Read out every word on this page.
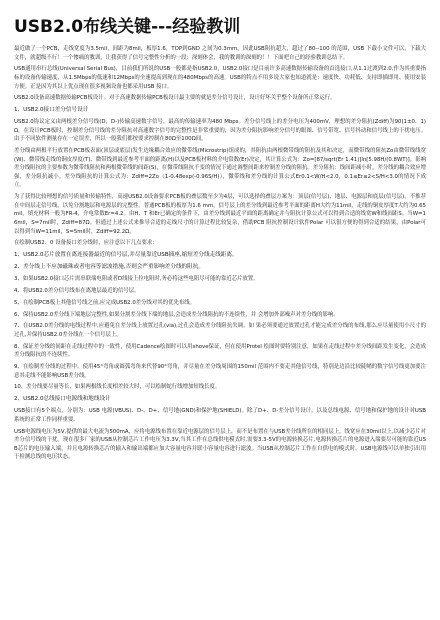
USB2.0布线关键---经验教训

最近做了一个PCB，走线宽度为3.5mil，间距为8mil，板厚1.6，TOP到GND 之间为0.3mm，因此USB阻抗超大，超过了80--100 的范围，USB 下载小文件可以，下载大文件，就超级不行！一个惨痛的教训，让我获得了信号完整性分析的一段：深刻体会，我的教训的深刻的！！下面吧自己的经验教训总结下。

USB通用串行总线(Universal Serial Bus)，目前我们所说的USB一般都是指USB2.0，USB2.0接口是目前许多高速数据传输设备的首选接口,从1.1过渡到2.0,作为其重要指标的设备传输速度，从1.5Mbps的低速和12Mbps的全速提高到现在的480Mbps的高速。USB的特点不用多说大家也知道就是：速度快、功耗低、支持即插即用、使用安装方便。正是因为其以上优点现在很多视频设备也都采用USB 接口。

USB2.0设备高速数据传输PCB板设计。对于高速数据传输PCB板设计最主要的就是差分信号设计，设计好坏关乎整个设备所正常运行。

1、USB2.0接口差分信号设计

USB2.0协议定义由两根差分信号线(D，D-)传输高速数字信号，最高的传输速率为480 Mbps。差分信号线上的差分电压为400mV，理想的差分阻抗(Zdiff)为90(1±0．1)Ω。在设计PCB板时，控制差分信号线的差分阻抗对高速数字信号的完整性是非常重要的，因为差分阻抗影响差分信号的眼图、信号带宽、信号抖动和信号线上的干扰电压。由于不同软件测量存在一定误差，所以一般我们都按要求控制在80Ω至100Ω间。

差分线由两根平行放置在PCB板表面(顶层或底层)发生边缘耦合效应的微带线(Microstrip)组成的，其阻抗由两根微带线的阻抗及其和决定，而微带线的阻抗Zo由微带线线宽(W)、微带线走线的铜皮厚度(T)、微带线到最近参考平面的距离(H)以及PCB板材料的介电常数(Er)决定，其计算公式为：Zo=[87/sqrt(Er 1.41)]ln[5.98H/(0.8WT)]。影响差分线阻抗的主要参数为微带线阻抗和两根微带线的间距(S)，在微带线阻抗不变的情况下通过调整间距来控制差分线的阻抗。差分阻抗：线间距减小时，差分线的耦合效应增强，差分阻抗减小。差分线阻抗的计算公式为：Zdiff=2Zo（1-0.48exp(-0.96S/H)），微带线和差分线的计算公式Er0.1<W/H<2.0，0.1≤Er≤2<S/H<3.0的情况下成立。

为了获得比较理想的信号质量和传输特性，高速USB2.0设备要求PCB板的叠层数至少为4层，可以选择的叠层方案为：顶层(信号层)、地层、电源层和底层(信号层)。不推荐在中间层走信号线，以免分割地层和电源层的完整性。普通PCB板的板厚为1.6 mm，信号层上的差分线到最近参考平面的距离H大约为11mil，走线的铜皮厚度T大约为0.65mil，填充材料一般为FR-4，介电常数Er=4.2。由H、T 和Er已确定的条件下，由差分线到最近平面的距离确定并与阻抗计算公式可以得到合适的线宽W和线间距S。当W=16mil，S=7mil时，Zdiff=87Ω。但通过上述公式来推导合适的走线尺寸的计算过程比较复杂，借助PCB 阻抗控制设计软件Polar 可以很方便的得到合适的结果，由Polar可以得到当W=11mil，S=5mil时，Zdiff=92.2Ω。

在绘制USB2．0 设备接口差分线时，应注意以下几点要求：

1、USB2.0芯片放置在离连接器最近的信号层,并尽量靠近USB插座,缩短差分线走线距离。

2、差分线上不应加磁珠或者电容等滤波措施,否则会严重影响差分线的阻抗。

3、如果USB2.0接口芯片需串联端电阻或者D线接上拉电阻时,务必将这些电阻尽可能的靠近芯片放置。

4、将USB2.0差分信号线布在离地层最近的信号层。

5、在绘制PCB板上其他信号线之前,应完成USB2.0差分线对其的优先布线。

6、保持USB2.0差分线下端地层完整性,如果分割差分线下端的地层,会造成差分线阻抗的不连续性，并 会增加外部噪声对差分线的影响。

7、在USB2.0差分线的电线过程中,应避免在差分线上放置过孔(via),过孔会造成差分线阻抗失调。如 果必须要通过放置过孔才能完成差分线的布线,那么应尽量使用小尺寸的过孔,并保持USB2.0差分线在一个信号层上。

8、保证差分线的间距在走线过程中的一致性，使用Cadence绘图时可以用shove保证，但在使用Protel 绘图时要特别注意，如果在走线过程中差分线间距发生变化，会造成差分线阻抗的不连续性。

9、在绘制差分线的过程中，使用45°弯角或圆弧弯角来代替90°弯角，并尽量在差分线周围的150mil 范围内不要走其他信号线，特别是边沿比较陡峭的数字信号线更加要注意其走线不能影响USB差分线。

10、差分线要尽量等长，如果两根线长度相差较大时，可以绘制蛇行线增加短线长度。

2、USB2.0总线接口电源线和地线设计

USB接口有5个端点，分别为：USB 电源(VBUS)、D-、D+、信号地(GND)和保护地(SHIELD)。除了D+、D-差分信号设计，以及总线电源、信号地和保护地的设计对USB系统的正常工作同样重要。

USB电源线电压为5V,提供的最大电流为500mA，应将电源线布置在靠近电源层的信号层上，而不是布置在与USB差分线所在的相同层上，线宽应在30mil以上,以减少芯片对差分信号线的干扰。现在很多厂家的USB从控制芯片工作电压为3.3V,当其工作在总线供电模式时,需要3.3-5V的电源转换芯片,电源转换芯片的电源进入端要尽可能的靠近USB芯片的电压输入端，并且电源转换芯片的输入和输出端都应加大容量电容并联小容量电容进行滤波。当USB从控制芯片工作在自供电的模式时，USB电源线可以单独引出用于检测总线的电压状态。
